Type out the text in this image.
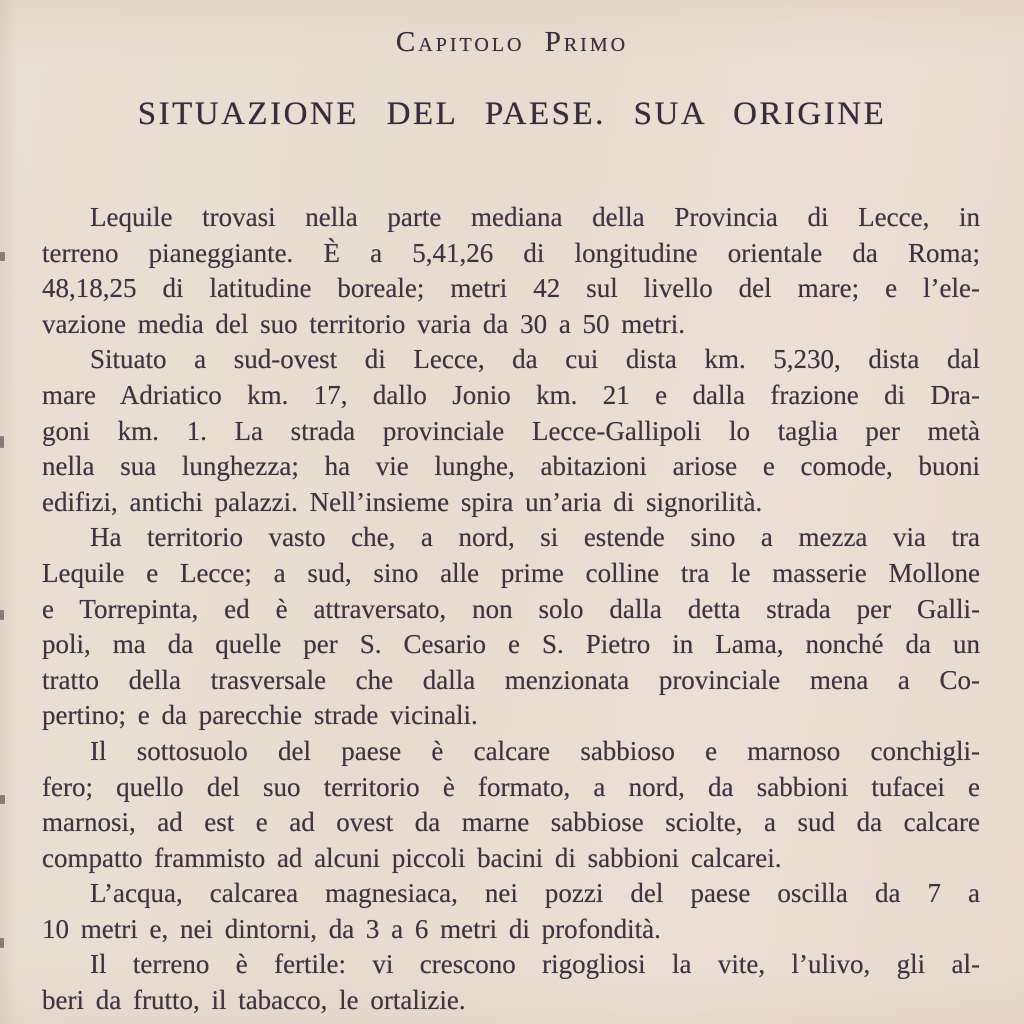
Capitolo Primo
SITUAZIONE DEL PAESE. SUA ORIGINE
Lequile trovasi nella parte mediana della Provincia di Lecce, in
terreno pianeggiante. È a 5,41,26 di longitudine orientale da Roma;
48,18,25 di latitudine boreale; metri 42 sul livello del mare; e l’ele-
vazione media del suo territorio varia da 30 a 50 metri.
Situato a sud-ovest di Lecce, da cui dista km. 5,230, dista dal
mare Adriatico km. 17, dallo Jonio km. 21 e dalla frazione di Dra-
goni km. 1. La strada provinciale Lecce-Gallipoli lo taglia per metà
nella sua lunghezza; ha vie lunghe, abitazioni ariose e comode, buoni
edifizi, antichi palazzi. Nell’insieme spira un’aria di signorilità.
Ha territorio vasto che, a nord, si estende sino a mezza via tra
Lequile e Lecce; a sud, sino alle prime colline tra le masserie Mollone
e Torrepinta, ed è attraversato, non solo dalla detta strada per Galli-
poli, ma da quelle per S. Cesario e S. Pietro in Lama, nonché da un
tratto della trasversale che dalla menzionata provinciale mena a Co-
pertino; e da parecchie strade vicinali.
Il sottosuolo del paese è calcare sabbioso e marnoso conchigli-
fero; quello del suo territorio è formato, a nord, da sabbioni tufacei e
marnosi, ad est e ad ovest da marne sabbiose sciolte, a sud da calcare
compatto frammisto ad alcuni piccoli bacini di sabbioni calcarei.
L’acqua, calcarea magnesiaca, nei pozzi del paese oscilla da 7 a
10 metri e, nei dintorni, da 3 a 6 metri di profondità.
Il terreno è fertile: vi crescono rigogliosi la vite, l’ulivo, gli al-
beri da frutto, il tabacco, le ortalizie.
